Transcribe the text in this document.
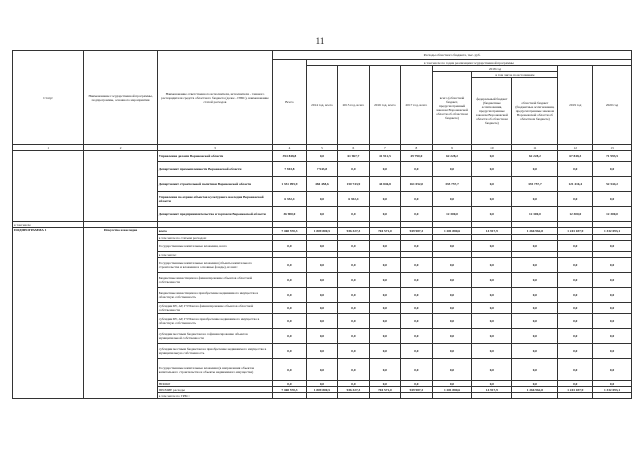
11
Статус	Наименование государственной программы, подпрограммы, основного мероприятия	Наименование ответственного исполнителя, исполнителя - главного распорядителя средств областного бюджета (далее - ГРБС), наименование статей расходов	Расходы областного бюджета, тыс. руб.									
			Всего	в том числе по годам реализации государственной программы								
				2014 год, всего	2015 год, всего	2016 год, всего	2017 год, всего	2018 год			2019 год	2020 год
								всего (областной бюджет, предусмотренный законом Воронежской области об областном бюджете)	в том числе по источникам			
									федеральный бюджет (бюджетные ассигнования, предусмотренные законом Воронежской области об областном бюджете)	областной бюджет (бюджетные ассигнования, предусмотренные законом Воронежской области об областном бюджете)		
1	2	3	4	5	6	7	8	9	10	11	12	13
		Управление делами Воронежской области	394 848,8	0,0	61 967,7	41 912,5	49 790,0	62 228,2	0,0	62 228,2	67 848,3	71 993,5
		Департамент промышленности Воронежской области	7 943,8	7 943,8	0,0	0,0	0,0	0,0	0,0	0,0	0,0	0,0
		Департамент строительной политики Воронежской области	1 351 095,9	484 458,6	150 743,9	44 846,8	161 052,0	335 757,7	0,0	335 757,7	121 416,4	52 544,2
		Управление по охране объектов культурного наследия Воронежской области	6 352,4	0,0	6 352,4	0,0	0,0	0,0	0,0	0,0	0,0	0,0
		Департамент предпринимательства и торговли Воронежской области	36 900,0	0,0	0,0	0,0	0,0	12 300,0	0,0	12 300,0	12 300,0	12 300,0
в том числе												
ПОДПРОГРАММА 1	Искусство и наследие	всего	7 468 570,3	1 809 800,5	936 327,3	704 571,0	949 987,3	1 281 880,6	14 917,9	1 266 962,8	1 243 187,9	1 332 093,1
		в том числе по статьям расходов:										
		Государственные капитальные вложения, всего	0,0	0,0	0,0	0,0	0,0	0,0	0,0	0,0	0,0	0,0
		в том числе:										
		Государственные капитальные вложения (объекты капитального строительства и вложения в основные фонды), из них:	0,0	0,0	0,0	0,0	0,0	0,0	0,0	0,0	0,0	0,0
		Бюджетные инвестиции на финансирование объектов областной собственности	0,0	0,0	0,0	0,0	0,0	0,0	0,0	0,0	0,0	0,0
		Бюджетные инвестиции на приобретение недвижимого имущества в областную собственность	0,0	0,0	0,0	0,0	0,0	0,0	0,0	0,0	0,0	0,0
		субсидии БУ, АУ, ГУПам на финансирование объектов областной собственности	0,0	0,0	0,0	0,0	0,0	0,0	0,0	0,0	0,0	0,0
		субсидии БУ, АУ, ГУПам на приобретение недвижимого имущества в областную собственность	0,0	0,0	0,0	0,0	0,0	0,0	0,0	0,0	0,0	0,0
		субсидии местным бюджетам на софинансирование объектов муниципальной собственности	0,0	0,0	0,0	0,0	0,0	0,0	0,0	0,0	0,0	0,0
		субсидии местным бюджетам на приобретение недвижимого имущества в муниципальную собственность	0,0	0,0	0,0	0,0	0,0	0,0	0,0	0,0	0,0	0,0
		Государственные капитальные вложения (в направления объектов капитального строительства и объекты недвижимого имущества)	0,0	0,0	0,0	0,0	0,0	0,0	0,0	0,0	0,0	0,0
		НИОКР	0,0	0,0	0,0	0,0	0,0	0,0	0,0	0,0	0,0	0,0
		ПРОЧИЕ расходы	7 468 570,3	1 809 800,5	936 327,3	704 571,0	949 987,3	1 281 880,6	14 917,9	1 266 962,8	1 243 187,9	1 332 093,1
		в том числе по ГРБС:										
